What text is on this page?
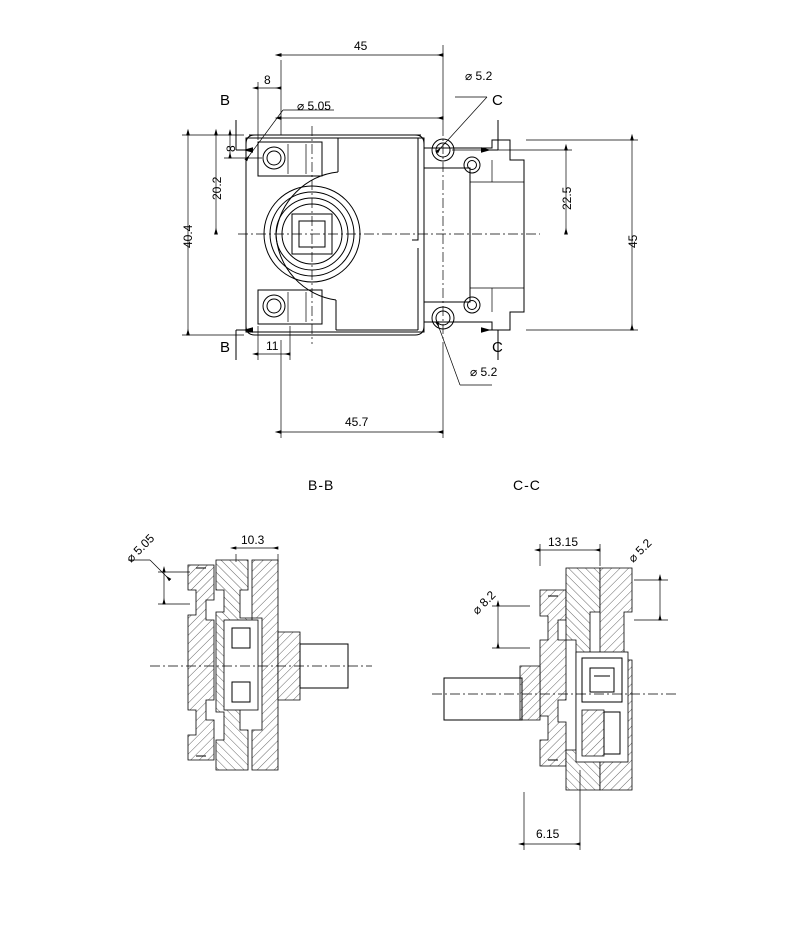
45
8
8
40.4
20.2
11
45.7
45
22.5
⌀ 5.05
⌀ 5.2
⌀ 5.2
B
B
C
C
B-B	C-C
⌀ 5.05	10.3	13.15	⌀ 5.2
⌀ 8.2
6.15
